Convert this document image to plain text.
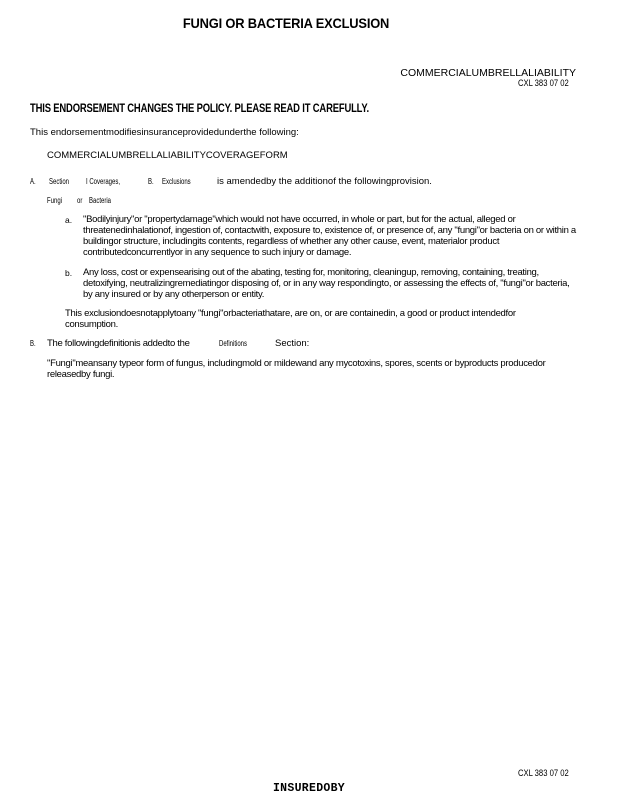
FUNGI OR BACTERIA EXCLUSION
COMMERCIALUMBRELLALIABILITY
CXL 383 07 02
THIS ENDORSEMENT CHANGES THE POLICY. PLEASE READ IT CAREFULLY.
This endorsementmodifiesinsuranceprovidedunderthe following:
COMMERCIALUMBRELLALIABILITYCOVERAGEFORM
A. Section I Coverages,	B. Exclusions	is amendedby the additionof the followingprovision.
Fungi or Bacteria
a. "Bodilyinjury"or "propertydamage"which would not have occurred, in whole or part, but for the actual, alleged or threatenedinhalationof, ingestion of, contactwith, exposure to, existence of, or presence of, any "fungi"or bacteria on or within a buildingor structure, includingits contents, regardless of whether any other cause, event, materialor product contributedconcurrentlyor in any sequence to such injury or damage.
b. Any loss, cost or expensearising out of the abating, testing for, monitoring, cleaningup, removing, containing, treating, detoxifying, neutralizingremediatingor disposing of, or in any way respondingto, or assessing the effects of, "fungi"or bacteria, by any insured or by any otherperson or entity.
This exclusiondoesnotapplytoany "fungi"orbacteriathatare, are on, or are containedin, a good or product intendedfor consumption.
B. The followingdefinitionis addedto the	Definitions	Section:
"Fungi"meansany typeor form of fungus, includingmold or mildewand any mycotoxins, spores, scents or byproducts producedor releasedby fungi.
CXL 383 07 02
INSUREDOBY
